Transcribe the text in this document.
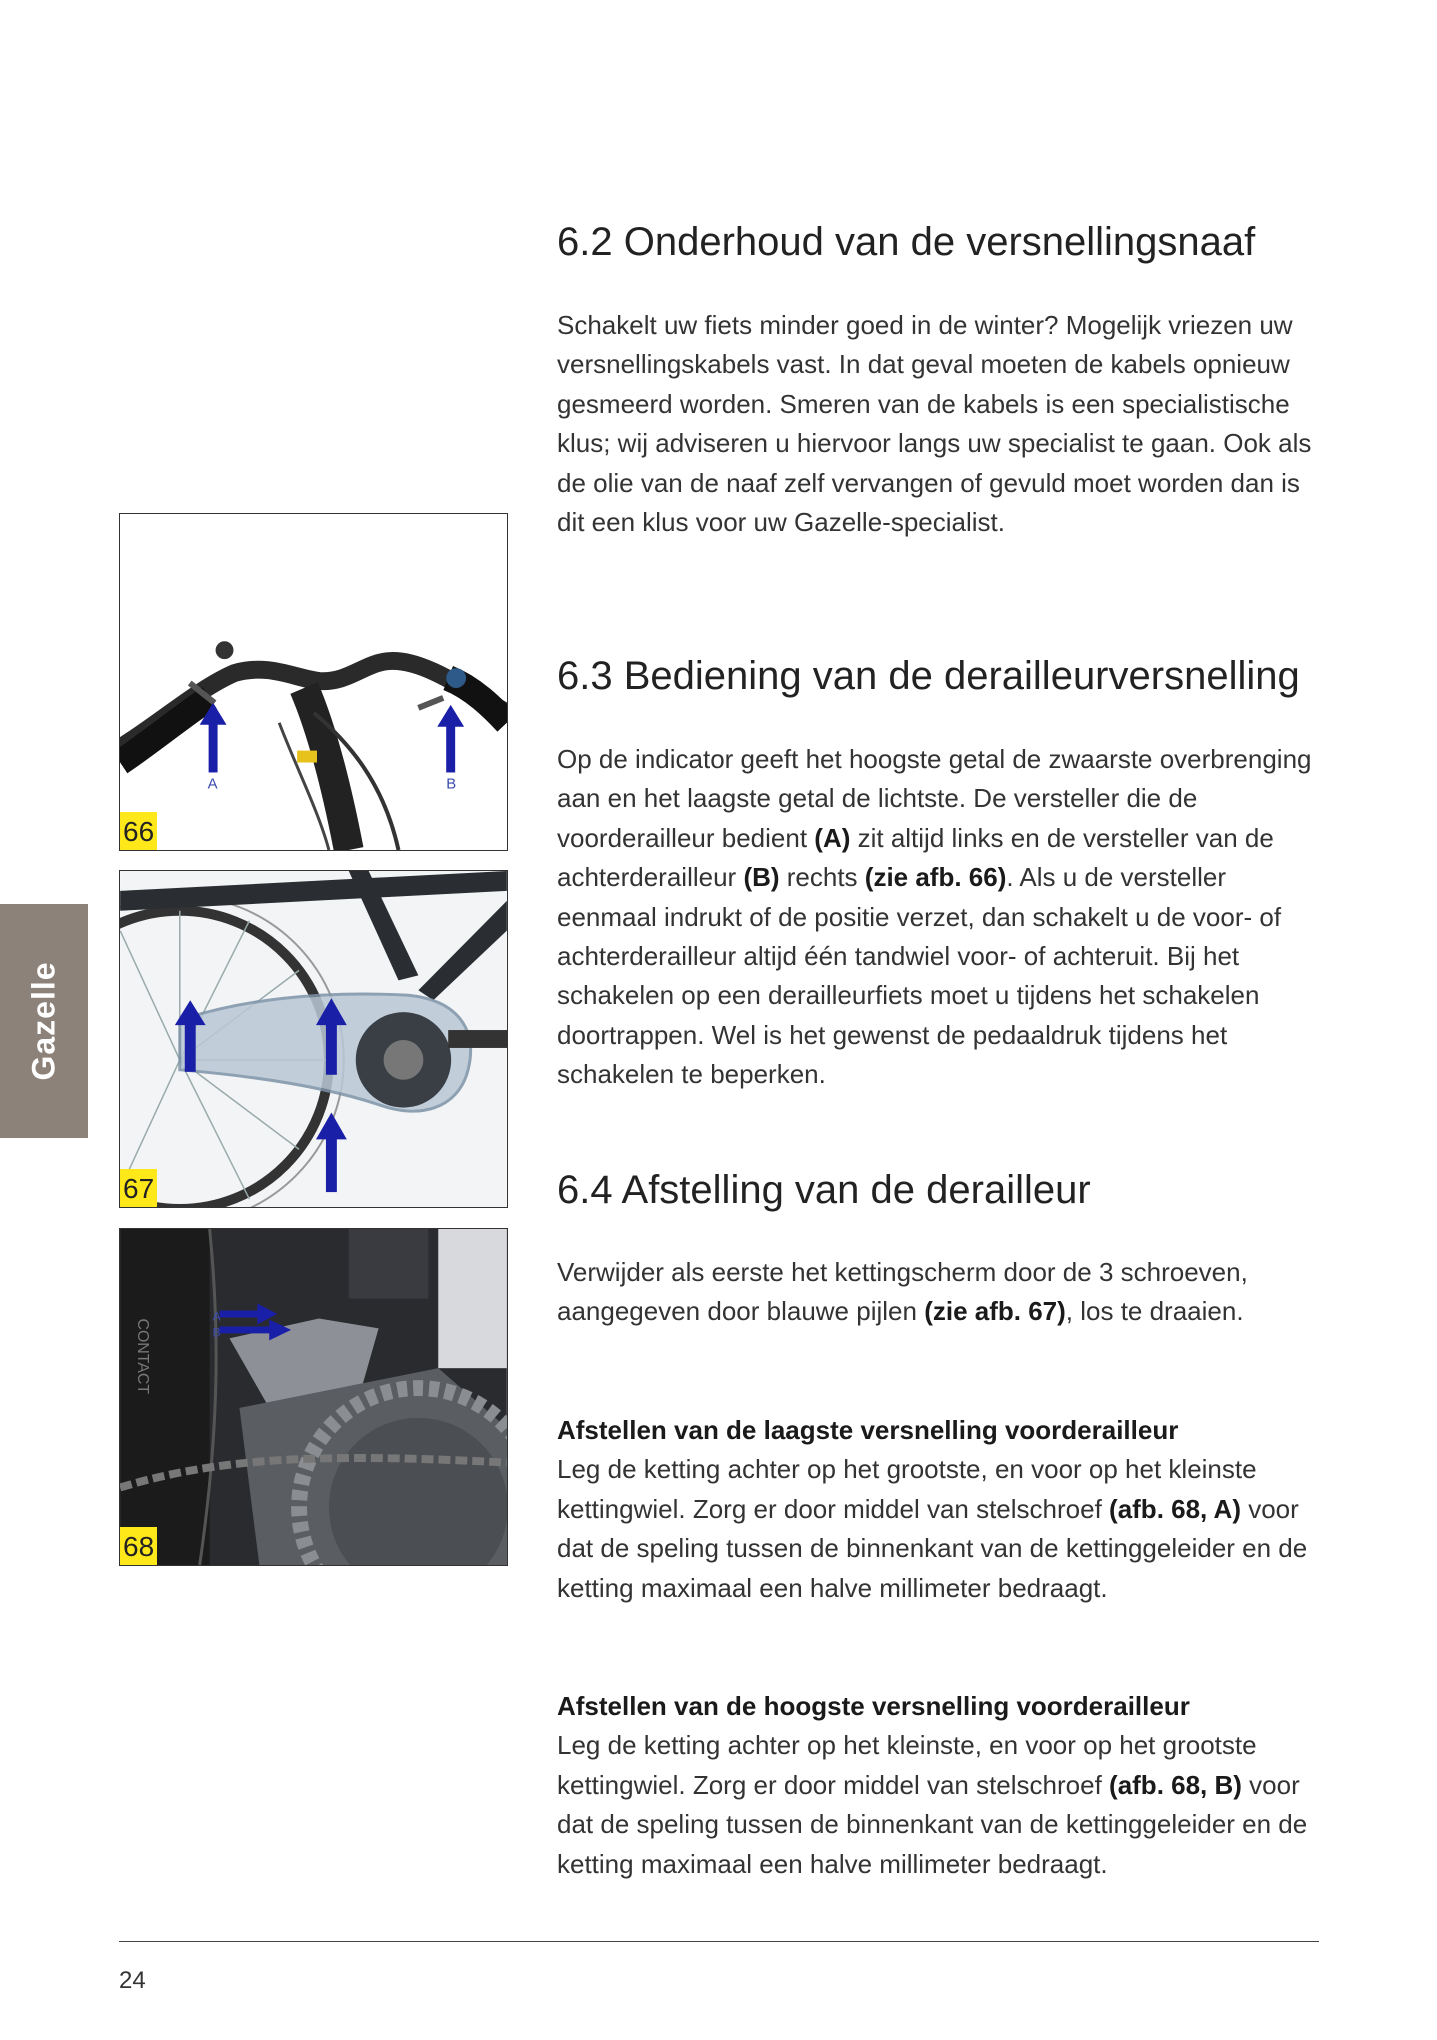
Gazelle
A	B
66
67
CONTACT
A
B
68
6.2 Onderhoud van de versnellingsnaaf

Schakelt uw fiets minder goed in de winter? Mogelijk vriezen uw versnellingskabels vast. In dat geval moeten de kabels opnieuw gesmeerd worden. Smeren van de kabels is een specialistische klus; wij adviseren u hiervoor langs uw specialist te gaan. Ook als de olie van de naaf zelf vervangen of gevuld moet worden dan is dit een klus voor uw Gazelle-specialist.

6.3 Bediening van de derailleurversnelling

Op de indicator geeft het hoogste getal de zwaarste overbrenging aan en het laagste getal de lichtste. De versteller die de voorderailleur bedient (A) zit altijd links en de versteller van de achterderailleur (B) rechts (zie afb. 66). Als u de versteller eenmaal indrukt of de positie verzet, dan schakelt u de voor- of achterderailleur altijd één tandwiel voor- of achteruit. Bij het schakelen op een derailleurfiets moet u tijdens het schakelen doortrappen. Wel is het gewenst de pedaaldruk tijdens het schakelen te beperken.

6.4 Afstelling van de derailleur

Verwijder als eerste het kettingscherm door de 3 schroeven, aangegeven door blauwe pijlen (zie afb. 67), los te draaien.

Afstellen van de laagste versnelling voorderailleur
Leg de ketting achter op het grootste, en voor op het kleinste kettingwiel. Zorg er door middel van stelschroef (afb. 68, A) voor dat de speling tussen de binnenkant van de kettinggeleider en de ketting maximaal een halve millimeter bedraagt.

Afstellen van de hoogste versnelling voorderailleur
Leg de ketting achter op het kleinste, en voor op het grootste kettingwiel. Zorg er door middel van stelschroef (afb. 68, B) voor dat de speling tussen de binnenkant van de kettinggeleider en de ketting maximaal een halve millimeter bedraagt.

24
